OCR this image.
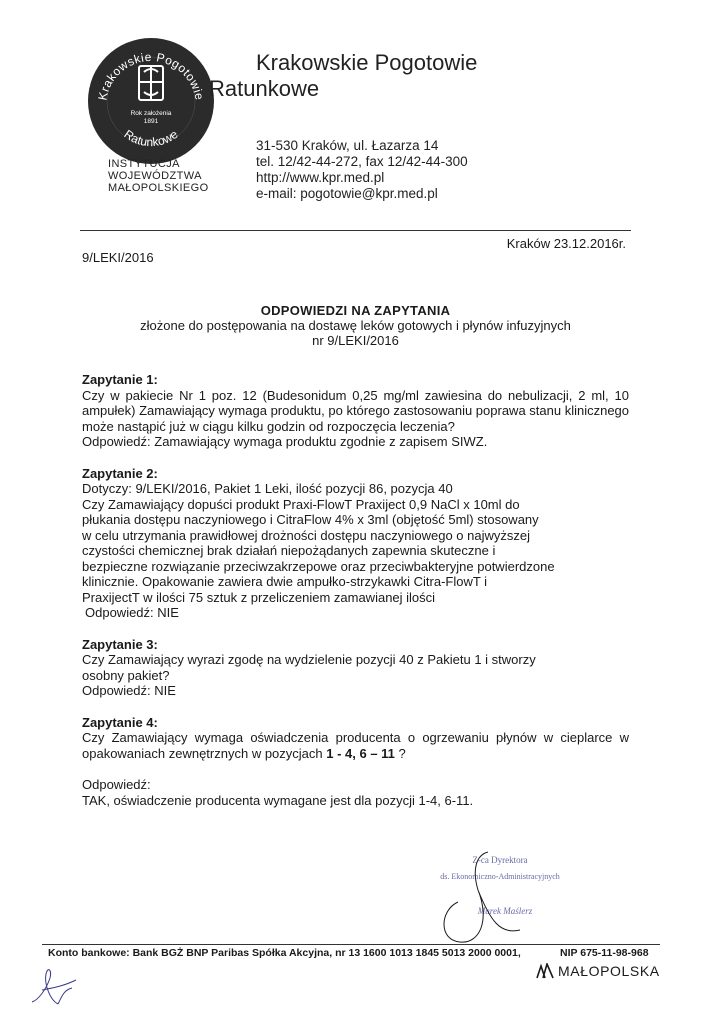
Krakowskie Pogotowie
Rok założenia
1891
Ratunkowe
Krakowskie Pogotowie
Ratunkowe
INSTYTUCJA
WOJEWÓDZTWA
MAŁOPOLSKIEGO
31-530 Kraków, ul. Łazarza 14
tel. 12/42-44-272, fax 12/42-44-300
http://www.kpr.med.pl
e-mail: pogotowie@kpr.med.pl
Kraków 23.12.2016r.
9/LEKI/2016
ODPOWIEDZI NA ZAPYTANIA
złożone do postępowania na dostawę leków gotowych i płynów infuzyjnych
nr 9/LEKI/2016
Zapytanie 1:
Czy w pakiecie Nr 1 poz. 12 (Budesonidum 0,25 mg/ml zawiesina do nebulizacji, 2 ml, 10 ampułek) Zamawiający wymaga produktu, po którego zastosowaniu poprawa stanu klinicznego może nastąpić już w ciągu kilku godzin od rozpoczęcia leczenia?
Odpowiedź: Zamawiający wymaga produktu zgodnie z zapisem SIWZ.
Zapytanie 2:
Dotyczy: 9/LEKI/2016, Pakiet 1 Leki, ilość pozycji 86, pozycja 40
Czy Zamawiający dopuści produkt Praxi-FlowT Praxiject 0,9 NaCl x 10ml do
płukania dostępu naczyniowego i CitraFlow 4% x 3ml (objętość 5ml) stosowany
w celu utrzymania prawidłowej drożności dostępu naczyniowego o najwyższej
czystości chemicznej brak działań niepożądanych zapewnia skuteczne i
bezpieczne rozwiązanie przeciwzakrzepowe oraz przeciwbakteryjne potwierdzone
klinicznie. Opakowanie zawiera dwie ampułko-strzykawki Citra-FlowT i
PraxijectT w ilości 75 sztuk z przeliczeniem zamawianej ilości
Odpowiedź: NIE
Zapytanie 3:
Czy Zamawiający wyrazi zgodę na wydzielenie pozycji 40 z Pakietu 1 i stworzy
osobny pakiet?
Odpowiedź: NIE
Zapytanie 4:
Czy Zamawiający wymaga oświadczenia producenta o ogrzewaniu płynów w cieplarce w opakowaniach zewnętrznych w pozycjach 1 - 4, 6 – 11 ?
Odpowiedź:
TAK, oświadczenie producenta wymagane jest dla pozycji 1-4, 6-11.
Z-ca Dyrektora
ds. Ekonomiczno-Administracyjnych
Marek Maślerz
Konto bankowe: Bank BGŻ BNP Paribas Spółka Akcyjna, nr 13 1600 1013 1845 5013 2000 0001,	NIP 675-11-98-968
MAŁOPOLSKA
